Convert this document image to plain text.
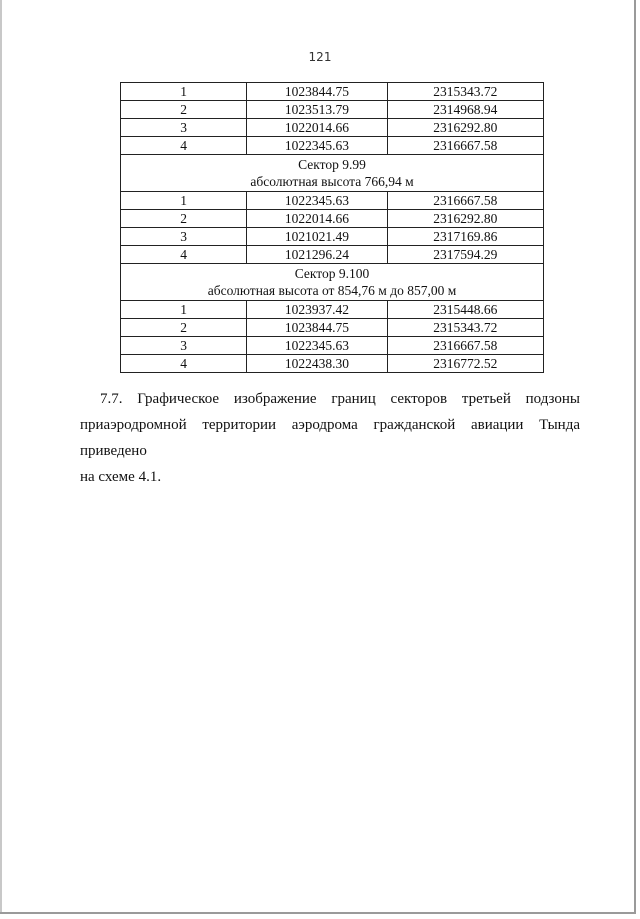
121
1	1023844.75	2315343.72
2	1023513.79	2314968.94
3	1022014.66	2316292.80
4	1022345.63	2316667.58

Сектор 9.99
абсолютная высота 766,94 м		

1	1022345.63	2316667.58
2	1022014.66	2316292.80
3	1021021.49	2317169.86
4	1021296.24	2317594.29

Сектор 9.100
абсолютная высота от 854,76 м до 857,00 м		

1	1023937.42	2315448.66
2	1023844.75	2315343.72
3	1022345.63	2316667.58
4	1022438.30	2316772.52
7.7. Графическое изображение границ секторов третьей подзоны
приаэродромной территории аэродрома гражданской авиации Тында приведено
на схеме 4.1.
